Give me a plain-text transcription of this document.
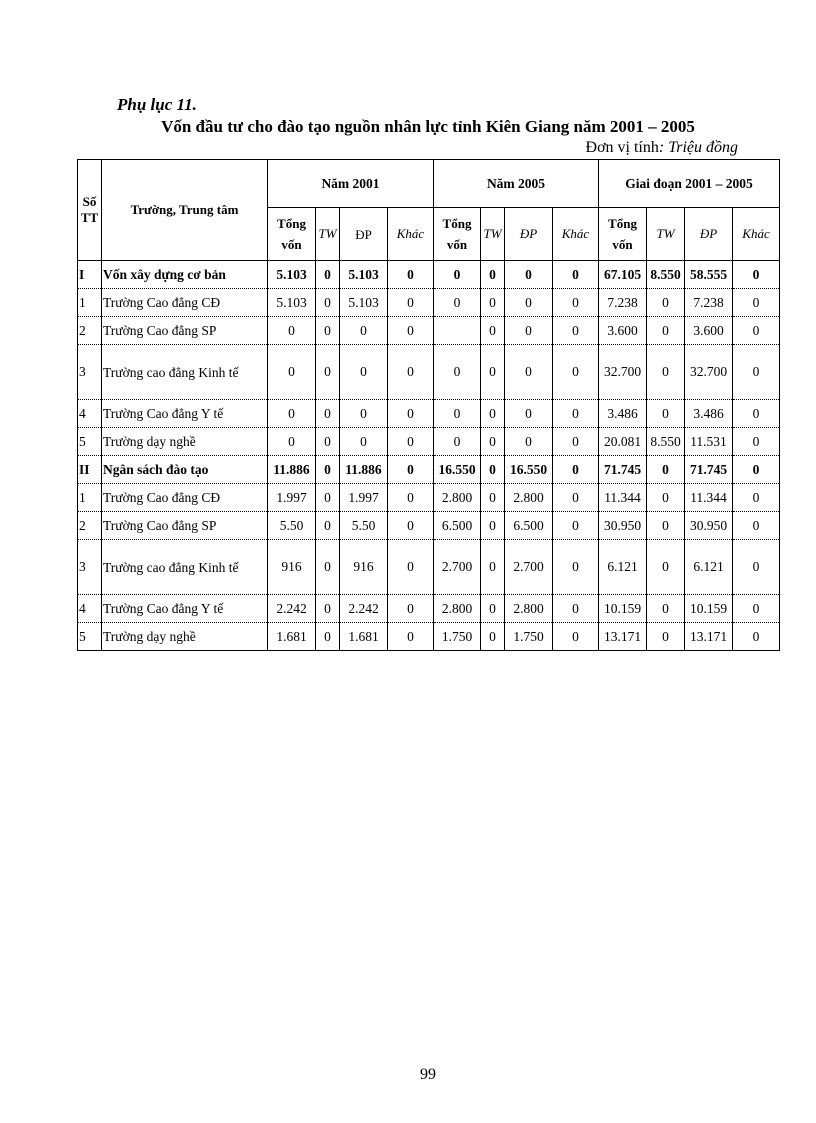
Phụ lục 11.
Vốn đầu tư cho đào tạo nguồn nhân lực tỉnh Kiên Giang năm 2001 – 2005
Đơn vị tính: Triệu đồng
Số TT	Trường, Trung tâm	Năm 2001				Năm 2005				Giai đoạn 2001 – 2005			
		Tổng vốn	TW	ĐP	Khác	Tổng vốn	TW	ĐP	Khác	Tổng vốn	TW	ĐP	Khác
I	Vốn xây dựng cơ bản	5.103	0	5.103	0	0	0	0	0	67.105	8.550	58.555	0
1	Trường Cao đẳng CĐ	5.103	0	5.103	0	0	0	0	0	7.238	0	7.238	0
2	Trường Cao đẳng SP	0	0	0	0		0	0	0	3.600	0	3.600	0
3	Trường cao đẳng Kinh tế	0	0	0	0	0	0	0	0	32.700	0	32.700	0
4	Trường Cao đẳng Y tế	0	0	0	0	0	0	0	0	3.486	0	3.486	0
5	Trường dạy nghề	0	0	0	0	0	0	0	0	20.081	8.550	11.531	0
II	Ngân sách đào tạo	11.886	0	11.886	0	16.550	0	16.550	0	71.745	0	71.745	0
1	Trường Cao đẳng CĐ	1.997	0	1.997	0	2.800	0	2.800	0	11.344	0	11.344	0
2	Trường Cao đẳng SP	5.50	0	5.50	0	6.500	0	6.500	0	30.950	0	30.950	0
3	Trường cao đẳng Kinh tế	916	0	916	0	2.700	0	2.700	0	6.121	0	6.121	0
4	Trường Cao đẳng Y tế	2.242	0	2.242	0	2.800	0	2.800	0	10.159	0	10.159	0
5	Trường dạy nghề	1.681	0	1.681	0	1.750	0	1.750	0	13.171	0	13.171	0
99
